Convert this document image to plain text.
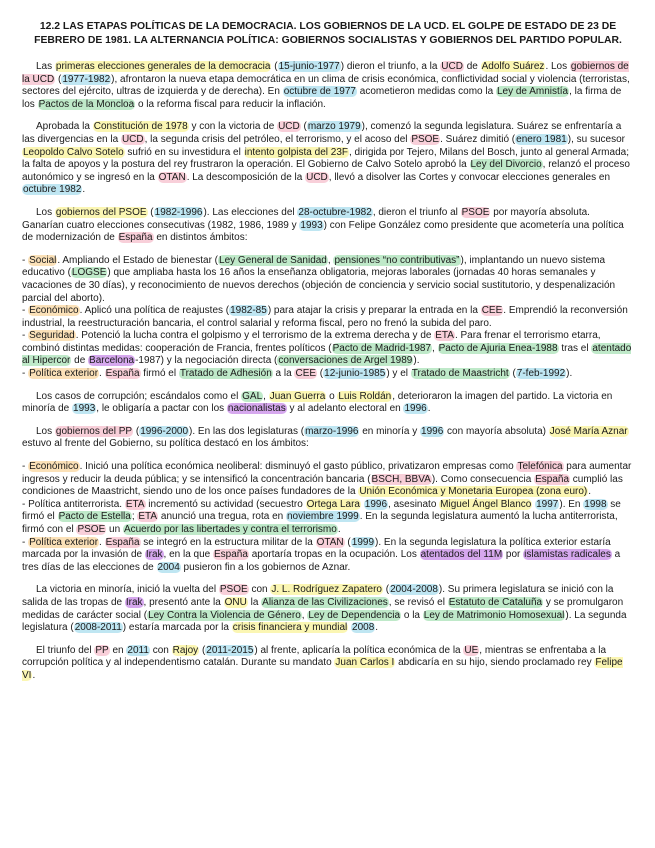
12.2 LAS ETAPAS POLÍTICAS DE LA DEMOCRACIA. LOS GOBIERNOS DE LA UCD. EL GOLPE DE ESTADO DE 23 DE FEBRERO DE 1981. LA ALTERNANCIA POLÍTICA: GOBIERNOS SOCIALISTAS Y GOBIERNOS DEL PARTIDO POPULAR.

Las primeras elecciones generales de la democracia (15-junio-1977) dieron el triunfo, a la UCD de Adolfo Suárez. Los gobiernos de la UCD (1977-1982), afrontaron la nueva etapa democrática en un clima de crisis económica, conflictividad social y violencia (terroristas, sectores del ejército, ultras de izquierda y de derecha). En octubre de 1977 acometieron medidas como la Ley de Amnistía, la firma de los Pactos de la Moncloa o la reforma fiscal para reducir la inflación.

Aprobada la Constitución de 1978 y con la victoria de UCD (marzo 1979), comenzó la segunda legislatura. Suárez se enfrentaría a las divergencias en la UCD, la segunda crisis del petróleo, el terrorismo, y el acoso del PSOE. Suárez dimitió (enero 1981), su sucesor Leopoldo Calvo Sotelo sufrió en su investidura el intento golpista del 23F, dirigida por Tejero, Milans del Bosch, junto al general Armada; la falta de apoyos y la postura del rey frustraron la operación. El Gobierno de Calvo Sotelo aprobó la Ley del Divorcio, relanzó el proceso autonómico y se ingresó en la OTAN. La descomposición de la UCD, llevó a disolver las Cortes y convocar elecciones generales en octubre 1982.

Los gobiernos del PSOE (1982-1996). Las elecciones del 28-octubre-1982, dieron el triunfo al PSOE por mayoría absoluta. Ganarían cuatro elecciones consecutivas (1982, 1986, 1989 y 1993) con Felipe González como presidente que acometería una política de modernización de España en distintos ámbitos:

- Social. Ampliando el Estado de bienestar (Ley General de Sanidad, pensiones “no contributivas”), implantando un nuevo sistema educativo (LOGSE) que ampliaba hasta los 16 años la enseñanza obligatoria, mejoras laborales (jornadas 40 horas semanales y vacaciones de 30 días), y reconocimiento de nuevos derechos (objeción de conciencia y servicio social sustitutorio, y despenalización parcial del aborto).

- Económico. Aplicó una política de reajustes (1982-85) para atajar la crisis y preparar la entrada en la CEE. Emprendió la reconversión industrial, la reestructuración bancaria, el control salarial y reforma fiscal, pero no frenó la subida del paro.

- Seguridad. Potenció la lucha contra el golpismo y el terrorismo de la extrema derecha y de ETA. Para frenar el terrorismo etarra, combinó distintas medidas: cooperación de Francia, frentes políticos (Pacto de Madrid-1987, Pacto de Ajuria Enea-1988 tras el atentado al Hipercor de Barcelona-1987) y la negociación directa (conversaciones de Argel 1989).

- Política exterior. España firmó el Tratado de Adhesión a la CEE (12-junio-1985) y el Tratado de Maastricht (7-feb-1992).

Los casos de corrupción; escándalos como el GAL, Juan Guerra o Luis Roldán, deterioraron la imagen del partido. La victoria en minoría de 1993, le obligaría a pactar con los nacionalistas y al adelanto electoral en 1996.

Los gobiernos del PP (1996-2000). En las dos legislaturas (marzo-1996 en minoría y 1996 con mayoría absoluta) José María Aznar estuvo al frente del Gobierno, su política destacó en los ámbitos:

- Económico. Inició una política económica neoliberal: disminuyó el gasto público, privatizaron empresas como Telefónica para aumentar ingresos y reducir la deuda pública; y se intensificó la concentración bancaria (BSCH, BBVA). Como consecuencia España cumplió las condiciones de Maastricht, siendo uno de los once países fundadores de la Unión Económica y Monetaria Europea (zona euro).

- Política antiterrorista. ETA incrementó su actividad (secuestro Ortega Lara 1996, asesinato Miguel Ángel Blanco 1997). En 1998 se firmó el Pacto de Estella; ETA anunció una tregua, rota en noviembre 1999. En la segunda legislatura aumentó la lucha antiterrorista, firmó con el PSOE un Acuerdo por las libertades y contra el terrorismo.

- Política exterior. España se integró en la estructura militar de la OTAN (1999). En la segunda legislatura la política exterior estaría marcada por la invasión de Irak, en la que España aportaría tropas en la ocupación. Los atentados del 11M por islamistas radicales a tres días de las elecciones de 2004 pusieron fin a los gobiernos de Aznar.

La victoria en minoría, inició la vuelta del PSOE con J. L. Rodríguez Zapatero (2004-2008). Su primera legislatura se inició con la salida de las tropas de Irak, presentó ante la ONU la Alianza de las Civilizaciones, se revisó el Estatuto de Cataluña y se promulgaron medidas de carácter social (Ley Contra la Violencia de Género, Ley de Dependencia o la Ley de Matrimonio Homosexual). La segunda legislatura (2008-2011) estaría marcada por la crisis financiera y mundial 2008.

El triunfo del PP en 2011 con Rajoy (2011-2015) al frente, aplicaría la política económica de la UE, mientras se enfrentaba a la corrupción política y al independentismo catalán. Durante su mandato Juan Carlos I abdicaría en su hijo, siendo proclamado rey Felipe VI.
